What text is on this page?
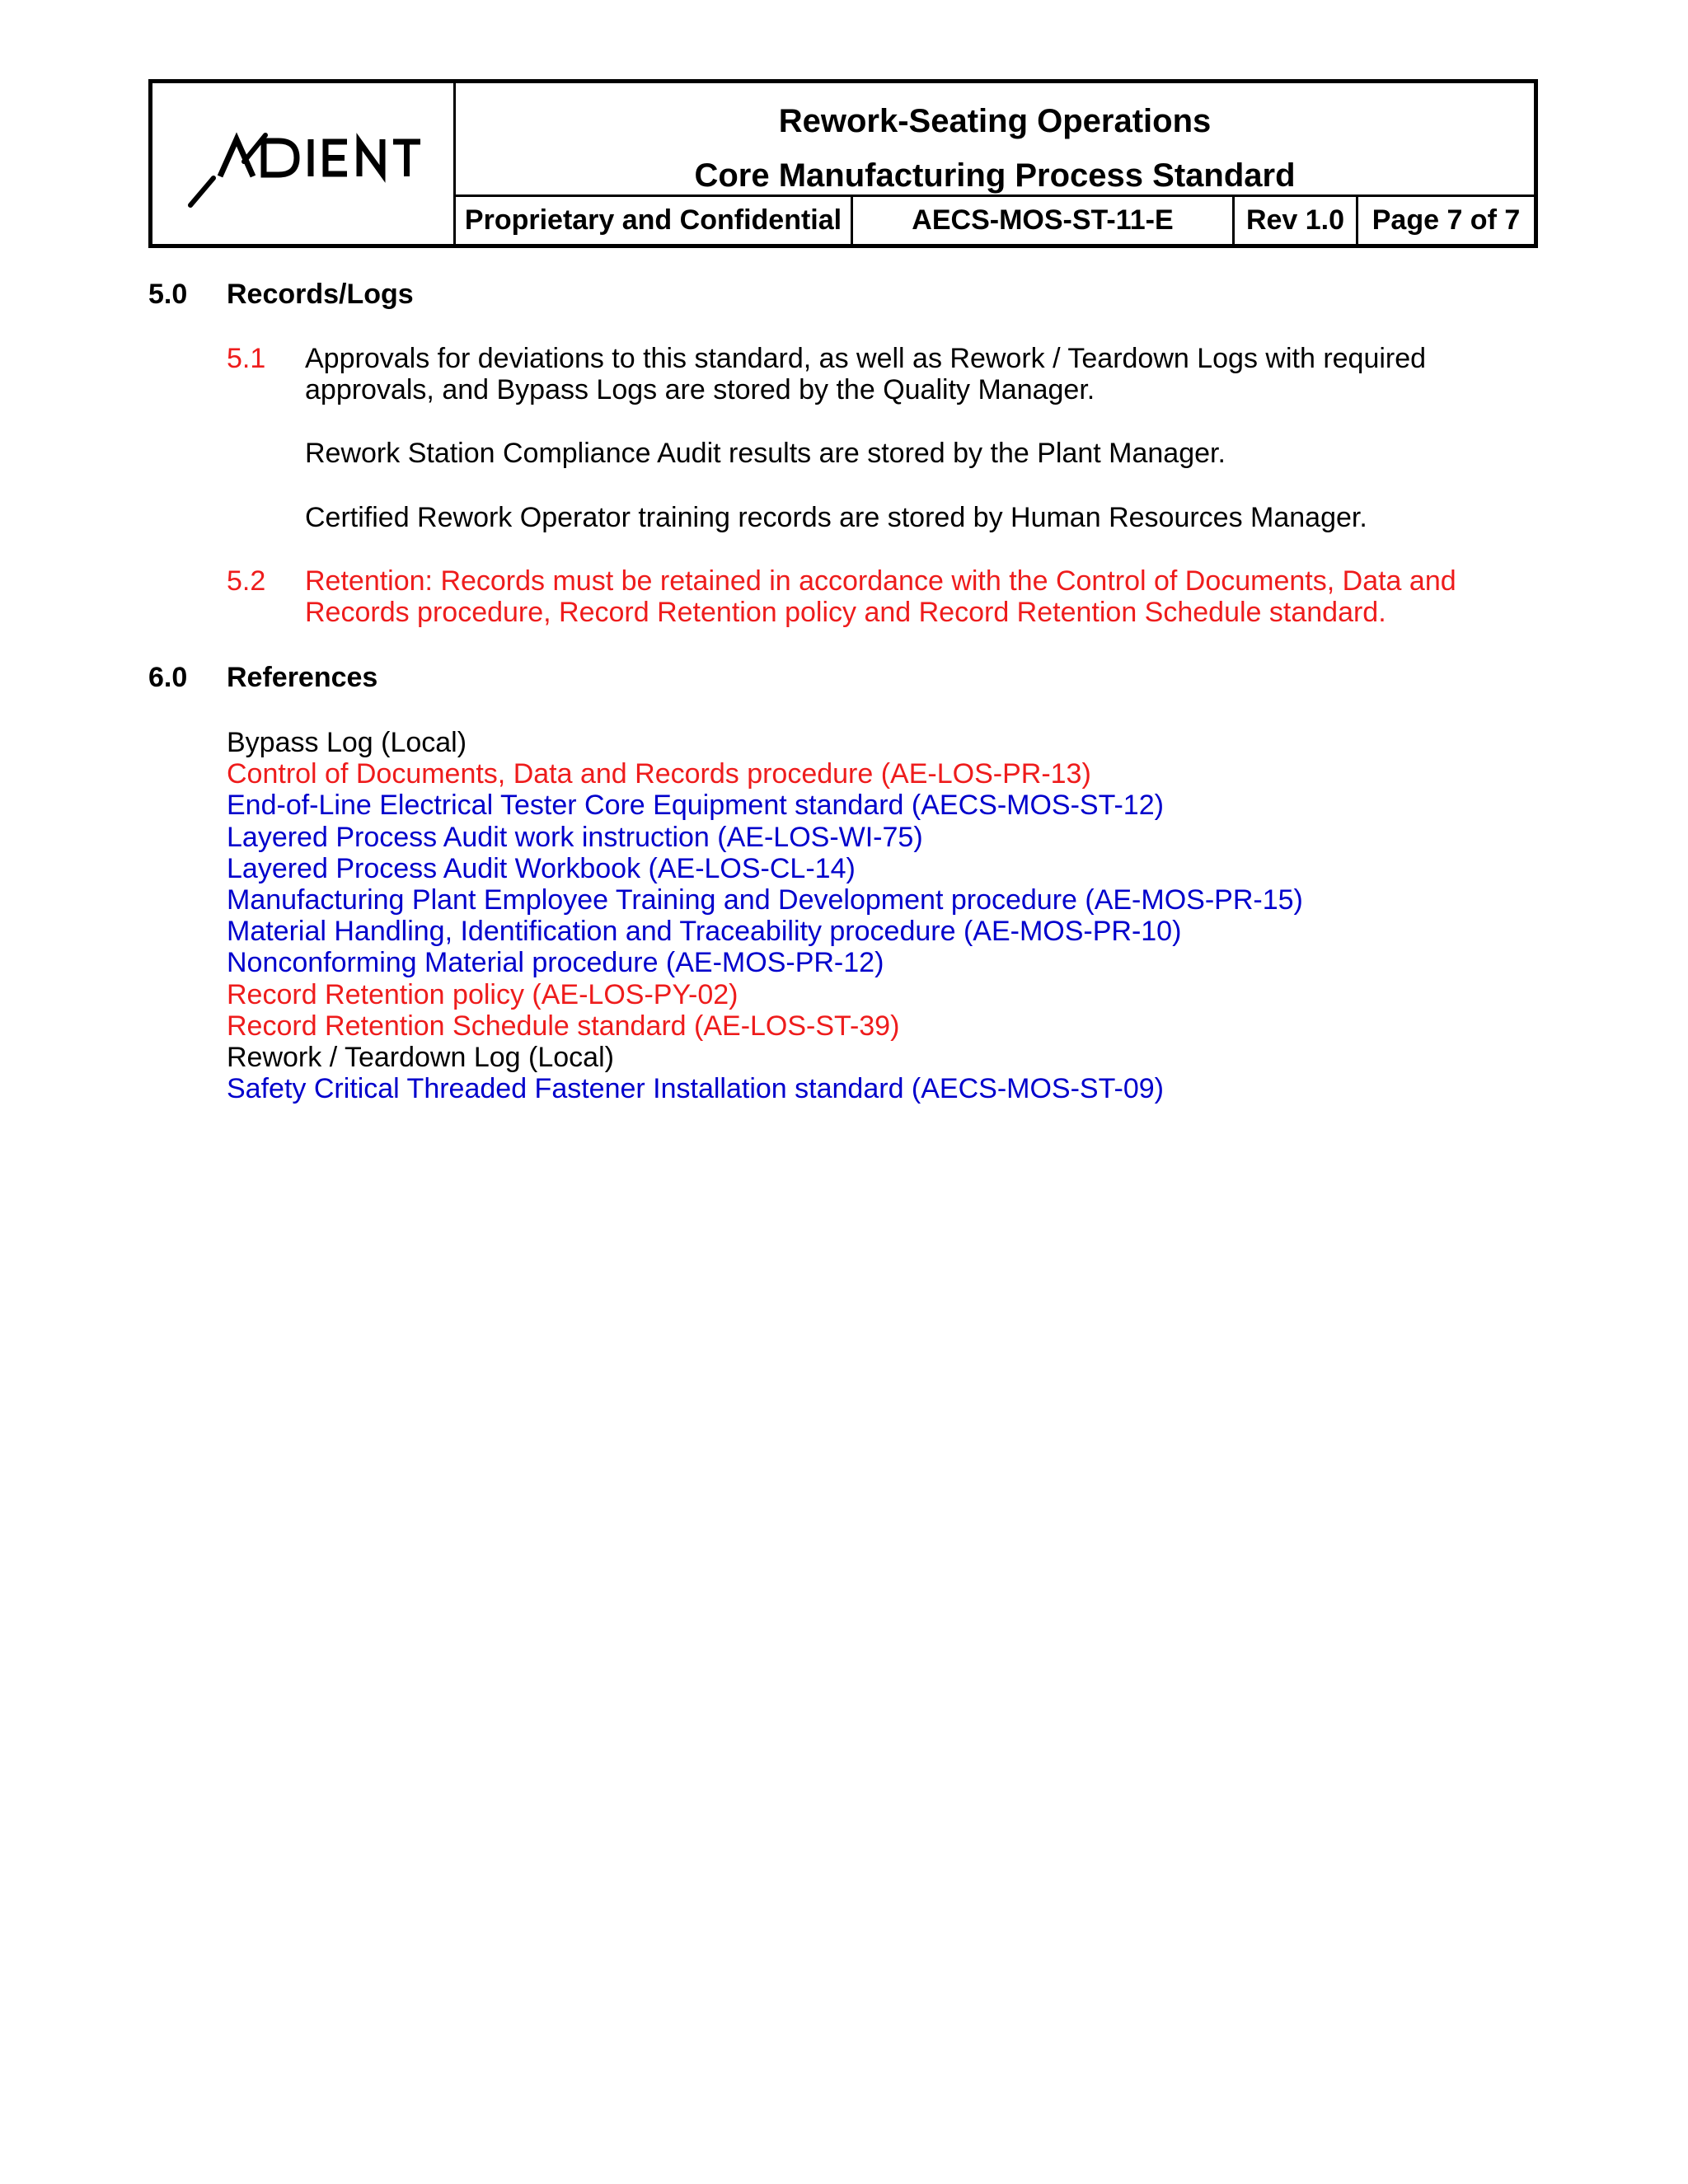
Rework-Seating Operations
Core Manufacturing Process Standard
Proprietary and Confidential	AECS-MOS-ST-11-E	Rev 1.0 Page 7 of 7
5.0 Records/Logs
5.1 Approvals for deviations to this standard, as well as Rework / Teardown Logs with required approvals, and Bypass Logs are stored by the Quality Manager.
Rework Station Compliance Audit results are stored by the Plant Manager.
Certified Rework Operator training records are stored by Human Resources Manager.
5.2 Retention: Records must be retained in accordance with the Control of Documents, Data and Records procedure, Record Retention policy and Record Retention Schedule standard.
6.0 References
Bypass Log (Local)
Control of Documents, Data and Records procedure (AE-LOS-PR-13)
End-of-Line Electrical Tester Core Equipment standard (AECS-MOS-ST-12)
Layered Process Audit work instruction (AE-LOS-WI-75)
Layered Process Audit Workbook (AE-LOS-CL-14)
Manufacturing Plant Employee Training and Development procedure (AE-MOS-PR-15)
Material Handling, Identification and Traceability procedure (AE-MOS-PR-10)
Nonconforming Material procedure (AE-MOS-PR-12)
Record Retention policy (AE-LOS-PY-02)
Record Retention Schedule standard (AE-LOS-ST-39)
Rework / Teardown Log (Local)
Safety Critical Threaded Fastener Installation standard (AECS-MOS-ST-09)
